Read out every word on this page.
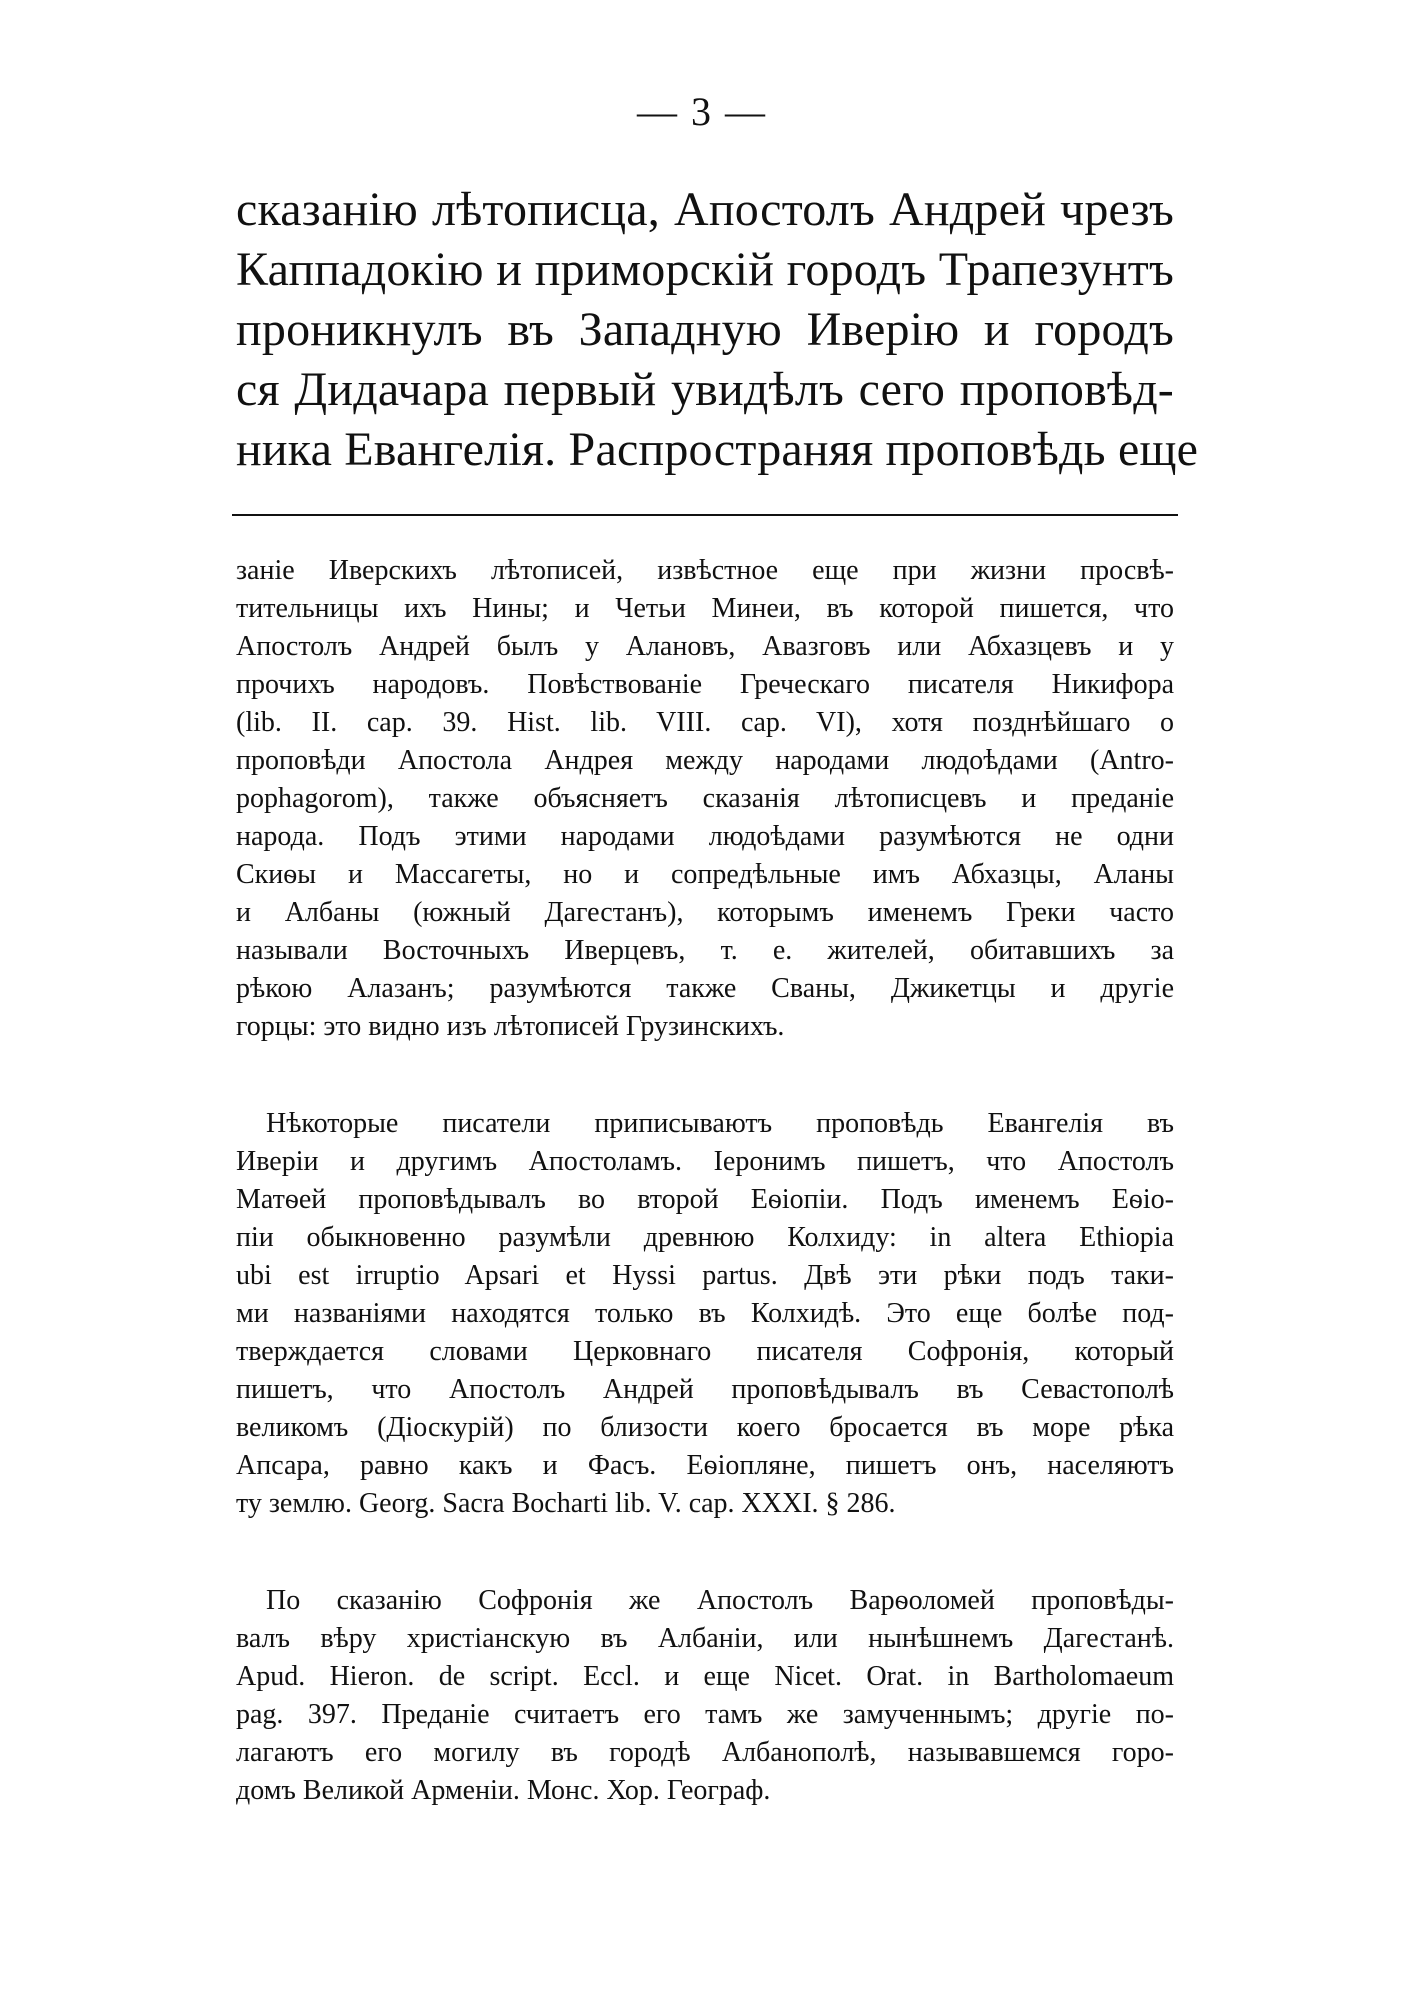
— 3 —
сказанію лѣтописца, Апостолъ Андрей чрезъ
Каппадокію и приморскій городъ Трапезунтъ
проникнулъ въ Западную Иверію и городъ
ся Дидачара первый увидѣлъ сего проповѣд-
ника Евангелія. Распространяя проповѣдь еще
заніе Иверскихъ лѣтописей, извѣстное еще при жизни просвѣ-
тительницы ихъ Нины; и Четьи Минеи, въ которой пишется, что
Апостолъ Андрей былъ у Алановъ, Авазговъ или Абхазцевъ и у
прочихъ народовъ. Повѣствованіе Греческаго писателя Никифора
(lib. II. cap. 39. Hist. lib. VIII. cap. VI), хотя позднѣйшаго о
проповѣди Апостола Андрея между народами людоѣдами (Antro-
pophagorom), также объясняетъ сказанія лѣтописцевъ и преданіе
народа. Подъ этими народами людоѣдами разумѣются не одни
Скиѳы и Массагеты, но и сопредѣльные имъ Абхазцы, Аланы
и Албаны (южный Дагестанъ), которымъ именемъ Греки часто
называли Восточныхъ Иверцевъ, т. е. жителей, обитавшихъ за
рѣкою Алазанъ; разумѣются также Сваны, Джикетцы и другіе
горцы: это видно изъ лѣтописей Грузинскихъ.
Нѣкоторые писатели приписываютъ проповѣдь Евангелія въ
Иверіи и другимъ Апостоламъ. Іеронимъ пишетъ, что Апостолъ
Матѳей проповѣдывалъ во второй Еѳіопіи. Подъ именемъ Еѳіо-
піи обыкновенно разумѣли древнюю Колхиду: in altera Ethiopia
ubi est irruptio Apsari et Hyssi partus. Двѣ эти рѣки подъ таки-
ми названіями находятся только въ Колхидѣ. Это еще болѣе под-
тверждается словами Церковнаго писателя Софронія, который
пишетъ, что Апостолъ Андрей проповѣдывалъ въ Севастополѣ
великомъ (Діоскурій) по близости коего бросается въ море рѣка
Апсара, равно какъ и Фасъ. Еѳіопляне, пишетъ онъ, населяютъ
ту землю. Georg. Sacra Bocharti lib. V. cap. XXXI. § 286.
По сказанію Софронія же Апостолъ Варѳоломей проповѣды-
валъ вѣру христіанскую въ Албаніи, или нынѣшнемъ Дагестанѣ.
Apud. Hieron. de script. Eccl. и еще Nicet. Orat. in Bartholomaeum
pag. 397. Преданіе считаетъ его тамъ же замученнымъ; другіе по-
лагаютъ его могилу въ городѣ Албанополѣ, называвшемся горо-
домъ Великой Арменіи. Монс. Хор. Географ.
